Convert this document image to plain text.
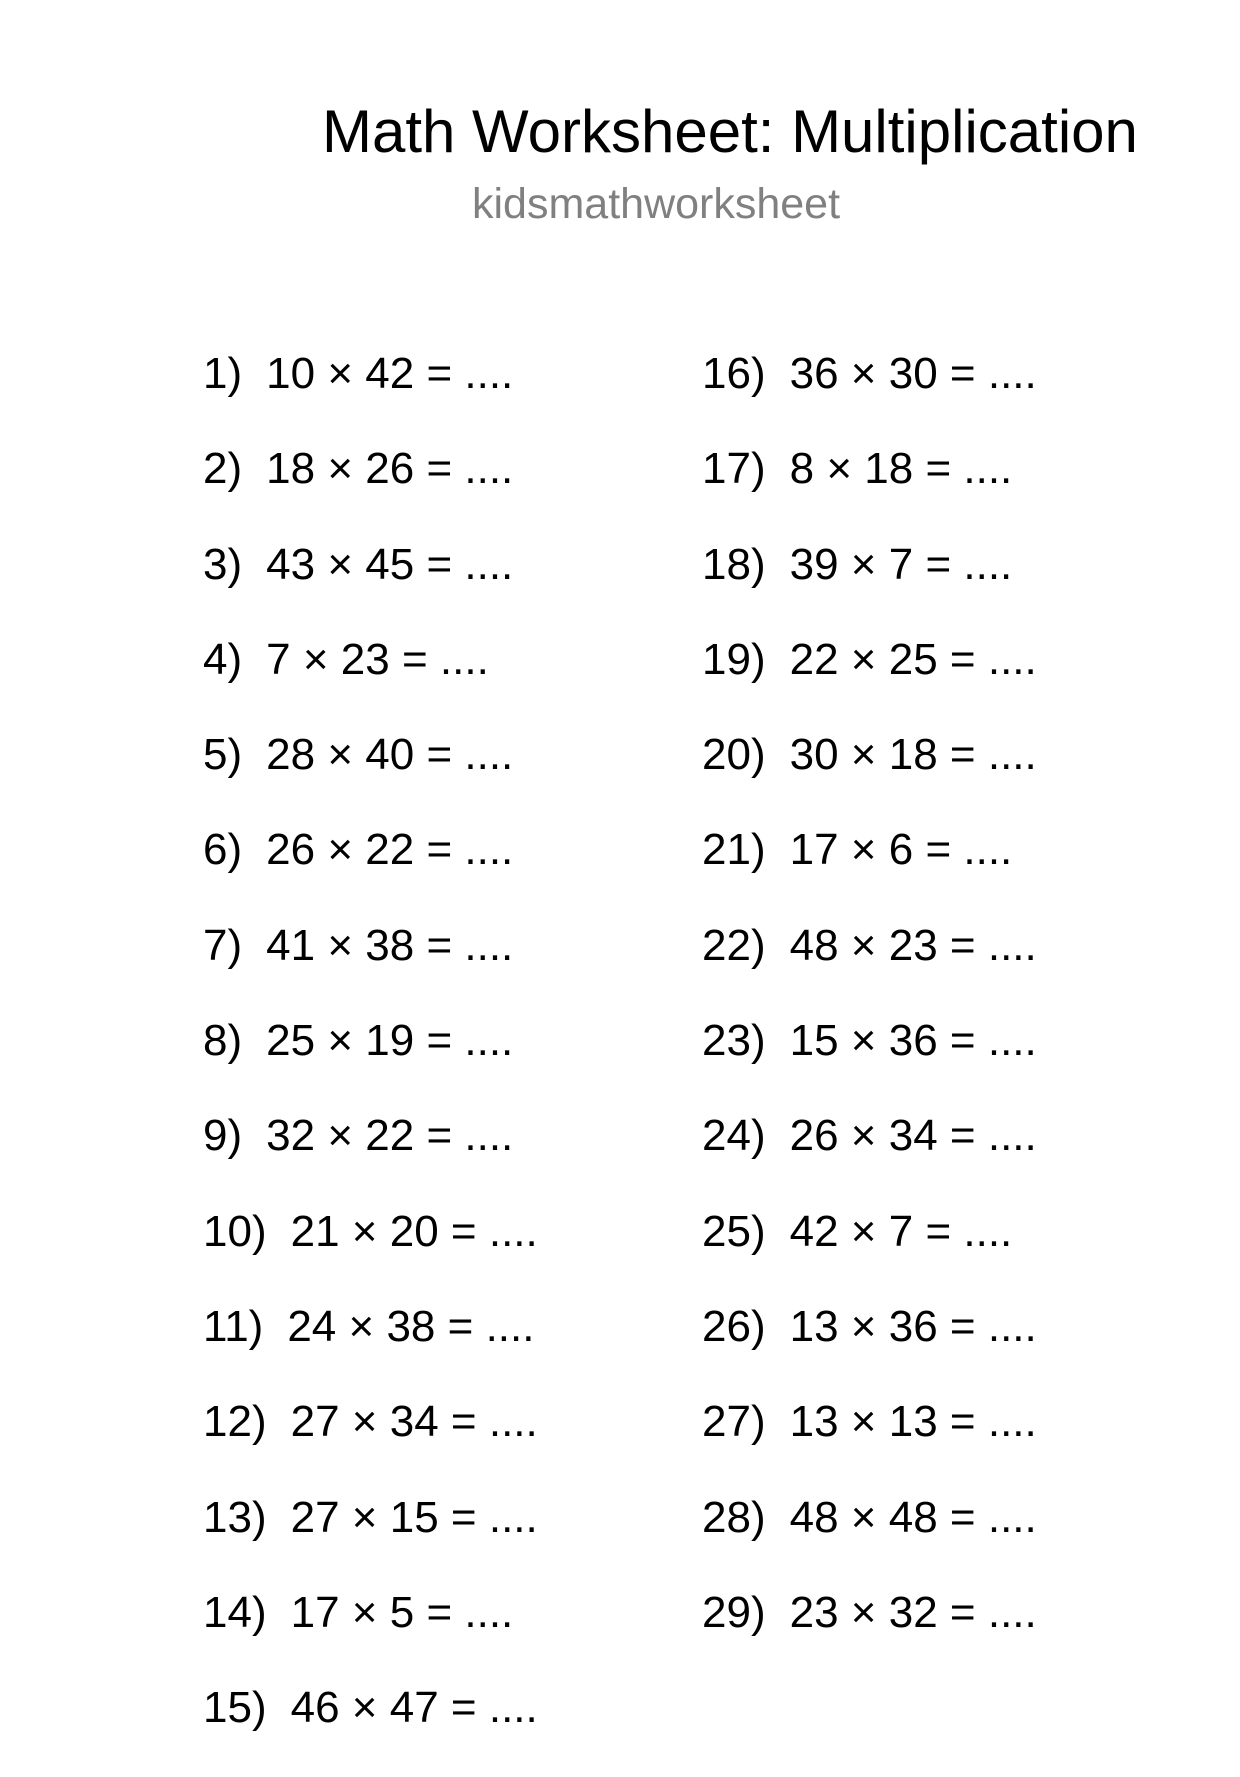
Math Worksheet: Multiplication
kidsmathworksheet
1) 10 × 42 = ....
2) 18 × 26 = ....
3) 43 × 45 = ....
4) 7 × 23 = ....
5) 28 × 40 = ....
6) 26 × 22 = ....
7) 41 × 38 = ....
8) 25 × 19 = ....
9) 32 × 22 = ....
10) 21 × 20 = ....
11) 24 × 38 = ....
12) 27 × 34 = ....
13) 27 × 15 = ....
14) 17 × 5 = ....
15) 46 × 47 = ....
16) 36 × 30 = ....
17) 8 × 18 = ....
18) 39 × 7 = ....
19) 22 × 25 = ....
20) 30 × 18 = ....
21) 17 × 6 = ....
22) 48 × 23 = ....
23) 15 × 36 = ....
24) 26 × 34 = ....
25) 42 × 7 = ....
26) 13 × 36 = ....
27) 13 × 13 = ....
28) 48 × 48 = ....
29) 23 × 32 = ....
